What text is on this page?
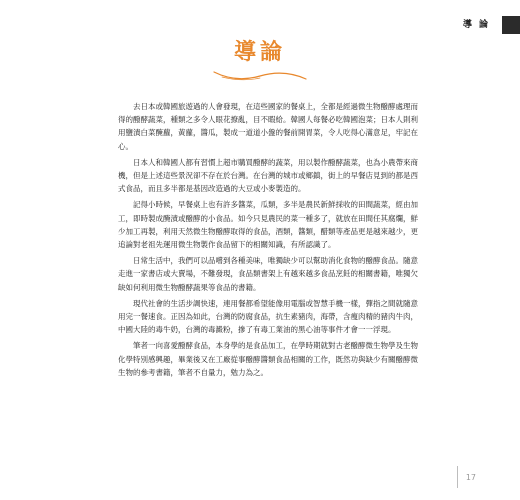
導 論
導論

去日本或韓國旅遊過的人會發現，在這些國家的餐桌上，全都是經過微生物醱酵處理而得的醱酵蔬菜，種類之多令人眼花撩亂，目不暇給。韓國人每餐必吃韓國泡菜；日本人則利用鹽漬白菜醃蘿，黃蘿，醬瓜，製成一道道小盤的餐前開胃菜，令人吃得心滿意足，牢記在心。

日本人和韓國人都有習慣上超市購買醱酵的蔬菜，用以製作醱酵蔬菜，也為小農帶來商機，但是上述這些景況卻不存在於台灣。在台灣的城市或鄉鎮，街上的早餐店見到的都是西式食品，而且多半都是基因改造過的大豆或小麥製造的。

記得小時候，早餐桌上也有許多醬菜，瓜類，多半是農民新鮮採收的田間蔬菜，經由加工，即時製成醃漬或醱酵的小食品。如今只見農民的菜一種多了，就放在田間任其腐爛，鮮少加工再製，利用天然微生物醱酵取得的食品，酒類，醬類，醋類等產品更是越來越少，更追論對老祖先運用微生物製作食品留下的相關知識，有所認識了。

日常生活中，我們可以品嚐到各種美味，唯獨缺少可以幫助消化食物的醱酵食品。隨意走進一家書店或大賣場，不難發現，食品類書架上有越來越多食品烹飪的相關書籍，唯獨欠缺如何利用微生物醱酵蔬果等食品的書籍。

現代社會的生活步調快速，連用餐都希望能像用電腦或智慧手機一樣，彈指之間就隨意用完一餐速食。正因為如此，台灣的防腐食品，抗生素豬肉，海帶，含瘦肉精的豬肉牛肉，中國大陸的毒牛奶，台灣的毒澱粉，摻了有毒工業油的黑心油等事件才會一一浮現。

筆者一向喜愛醱酵食品，本身學的是食品加工，在學時期就對古老醱酵微生物學及生物化學特別感興趣，畢業後又在工廠從事醱酵醬類食品相關的工作，既然功與缺少有關醱酵微生物的參考書籍，筆者不自量力，勉力為之。

17
